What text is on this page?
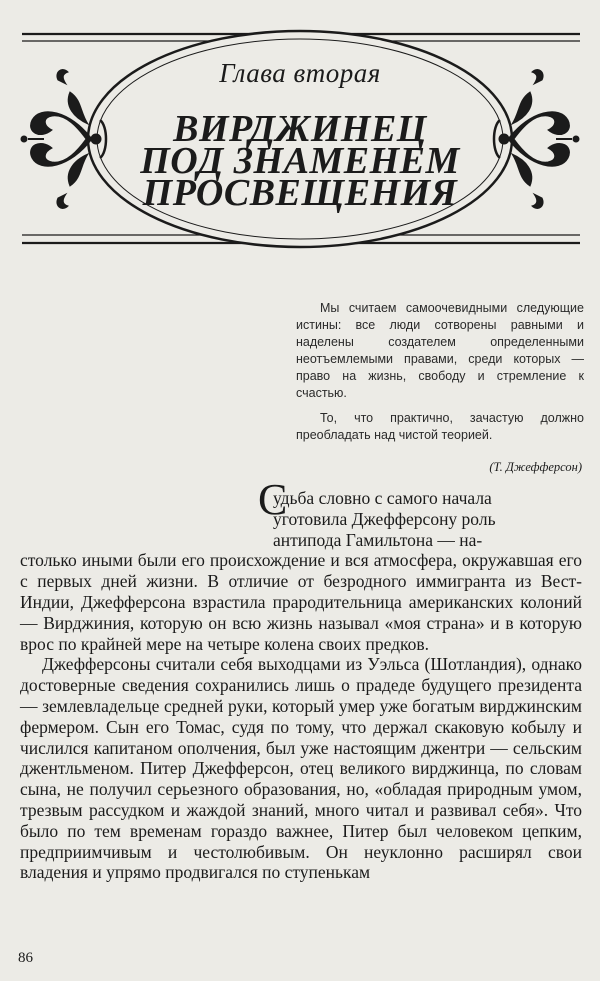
Глава вторая
ВИРДЖИНЕЦ
ПОД ЗНАМЕНЕМ
ПРОСВЕЩЕНИЯ

Мы считаем самоочевидными следующие истины: все люди сотворены равными и наделены создателем определенными неотъемлемыми правами, среди которых — право на жизнь, свободу и стремление к счастью.

То, что практично, зачастую должно преобладать над чистой теорией.

(Т. Джефферсон)
С

удьба словно с самого начала
уготовила Джефферсону роль
антипода Гамильтона — на-
столько иными были его происхождение и вся атмосфера, окружавшая его с первых дней жизни. В отличие от безродного иммигранта из Вест-Индии, Джефферсона взрастила прародительница американских колоний — Вирджиния, которую он всю жизнь называл «моя страна» и в которую врос по крайней мере на четыре колена своих предков.

Джефферсоны считали себя выходцами из Уэльса (Шотландия), однако достоверные сведения сохранились лишь о прадеде будущего президента — землевладельце средней руки, который умер уже богатым вирджинским фермером. Сын его Томас, судя по тому, что держал скаковую кобылу и числился капитаном ополчения, был уже настоящим джентри — сельским джентльменом. Питер Джефферсон, отец великого вирджинца, по словам сына, не получил серьезного образования, но, «обладая природным умом, трезвым рассудком и жаждой знаний, много читал и развивал себя». Что было по тем временам гораздо важнее, Питер был человеком цепким, предприимчивым и честолюбивым. Он неуклонно расширял свои владения и упрямо продвигался по ступенькам

86
